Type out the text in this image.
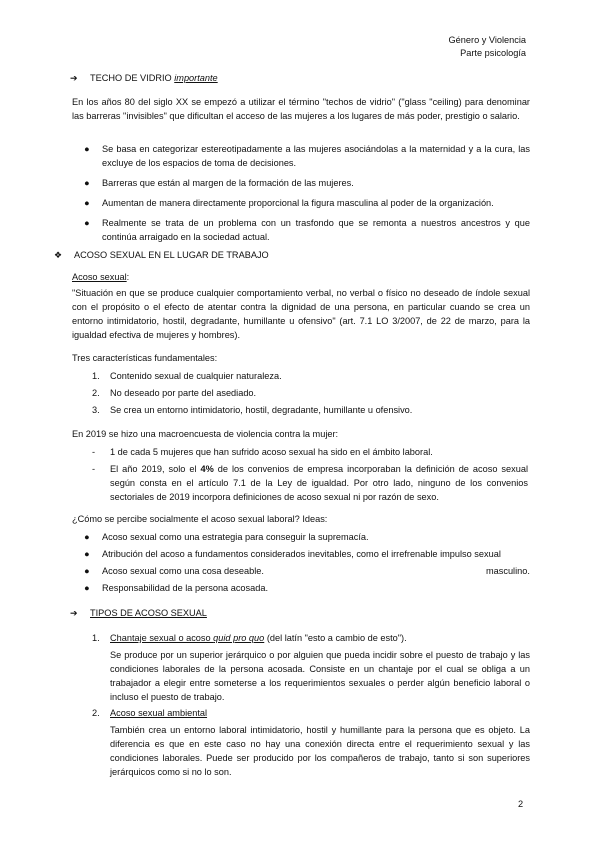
Género y Violencia
Parte psicología
➔ TECHO DE VIDRIO importante

En los años 80 del siglo XX se empezó a utilizar el término "techos de vidrio" ("glass "ceiling) para denominar las barreras "invisibles" que dificultan el acceso de las mujeres a los lugares de más poder, prestigio o salario.

● Se basa en categorizar estereotipadamente a las mujeres asociándolas a la maternidad y a la cura, las excluye de los espacios de toma de decisiones.
● Barreras que están al margen de la formación de las mujeres.
● Aumentan de manera directamente proporcional la figura masculina al poder de la organización.
● Realmente se trata de un problema con un trasfondo que se remonta a nuestros ancestros y que continúa arraigado en la sociedad actual.
❖ ACOSO SEXUAL EN EL LUGAR DE TRABAJO
Acoso sexual:

"Situación en que se produce cualquier comportamiento verbal, no verbal o físico no deseado de índole sexual con el propósito o el efecto de atentar contra la dignidad de una persona, en particular cuando se crea un entorno intimidatorio, hostil, degradante, humillante u ofensivo" (art. 7.1 LO 3/2007, de 22 de marzo, para la igualdad efectiva de mujeres y hombres).

Tres características fundamentales:

1. Contenido sexual de cualquier naturaleza.
2. No deseado por parte del asediado.
3. Se crea un entorno intimidatorio, hostil, degradante, humillante u ofensivo.

En 2019 se hizo una macroencuesta de violencia contra la mujer:

- 1 de cada 5 mujeres que han sufrido acoso sexual ha sido en el ámbito laboral.
- El año 2019, solo el 4% de los convenios de empresa incorporaban la definición de acoso sexual según consta en el artículo 7.1 de la Ley de igualdad. Por otro lado, ninguno de los convenios sectoriales de 2019 incorpora definiciones de acoso sexual ni por razón de sexo.

¿Cómo se percibe socialmente el acoso sexual laboral? Ideas:

● Acoso sexual como una estrategia para conseguir la supremacía.
● Atribución del acoso a fundamentos considerados inevitables, como el irrefrenable impulso sexual
● Acoso sexual como una cosa deseable.
● Responsabilidad de la persona acosada.
masculino.
➔ TIPOS DE ACOSO SEXUAL
1. Chantaje sexual o acoso quid pro quo (del latín "esto a cambio de esto").

Se produce por un superior jerárquico o por alguien que pueda incidir sobre el puesto de trabajo y las condiciones laborales de la persona acosada. Consiste en un chantaje por el cual se obliga a un trabajador a elegir entre someterse a los requerimientos sexuales o perder algún beneficio laboral o incluso el puesto de trabajo.

2. Acoso sexual ambiental

También crea un entorno laboral intimidatorio, hostil y humillante para la persona que es objeto. La diferencia es que en este caso no hay una conexión directa entre el requerimiento sexual y las condiciones laborales. Puede ser producido por los compañeros de trabajo, tanto si son superiores jerárquicos como si no lo son.

2
